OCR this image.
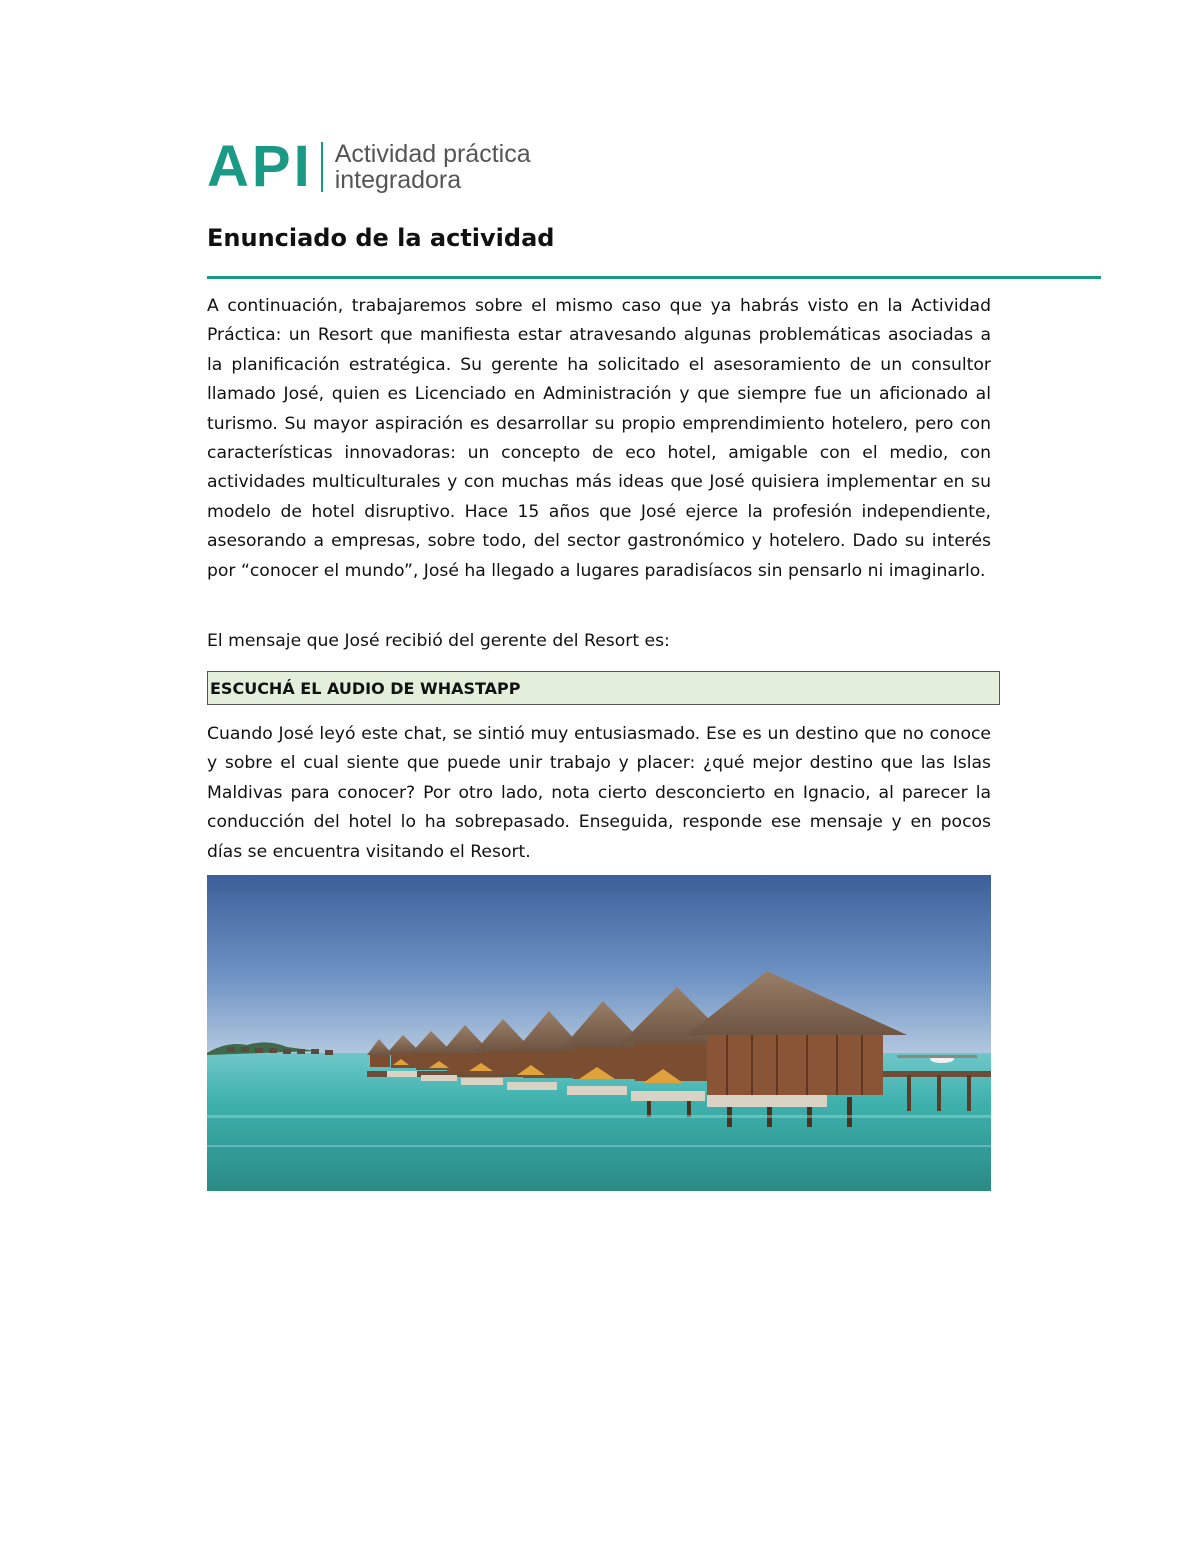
API Actividad práctica
integradora
Enunciado de la actividad

A continuación, trabajaremos sobre el mismo caso que ya habrás visto en la Actividad Práctica: un Resort que manifiesta estar atravesando algunas problemáticas asociadas a la planificación estratégica. Su gerente ha solicitado el asesoramiento de un consultor llamado José, quien es Licenciado en Administración y que siempre fue un aficionado al turismo. Su mayor aspiración es desarrollar su propio emprendimiento hotelero, pero con características innovadoras: un concepto de eco hotel, amigable con el medio, con actividades multiculturales y con muchas más ideas que José quisiera implementar en su modelo de hotel disruptivo. Hace 15 años que José ejerce la profesión independiente, asesorando a empresas, sobre todo, del sector gastronómico y hotelero. Dado su interés por “conocer el mundo”, José ha llegado a lugares paradisíacos sin pensarlo ni imaginarlo.

El mensaje que José recibió del gerente del Resort es:

ESCUCHÁ EL AUDIO DE WHASTAPP

Cuando José leyó este chat, se sintió muy entusiasmado. Ese es un destino que no conoce y sobre el cual siente que puede unir trabajo y placer: ¿qué mejor destino que las Islas Maldivas para conocer? Por otro lado, nota cierto desconcierto en Ignacio, al parecer la conducción del hotel lo ha sobrepasado. Enseguida, responde ese mensaje y en pocos días se encuentra visitando el Resort.
